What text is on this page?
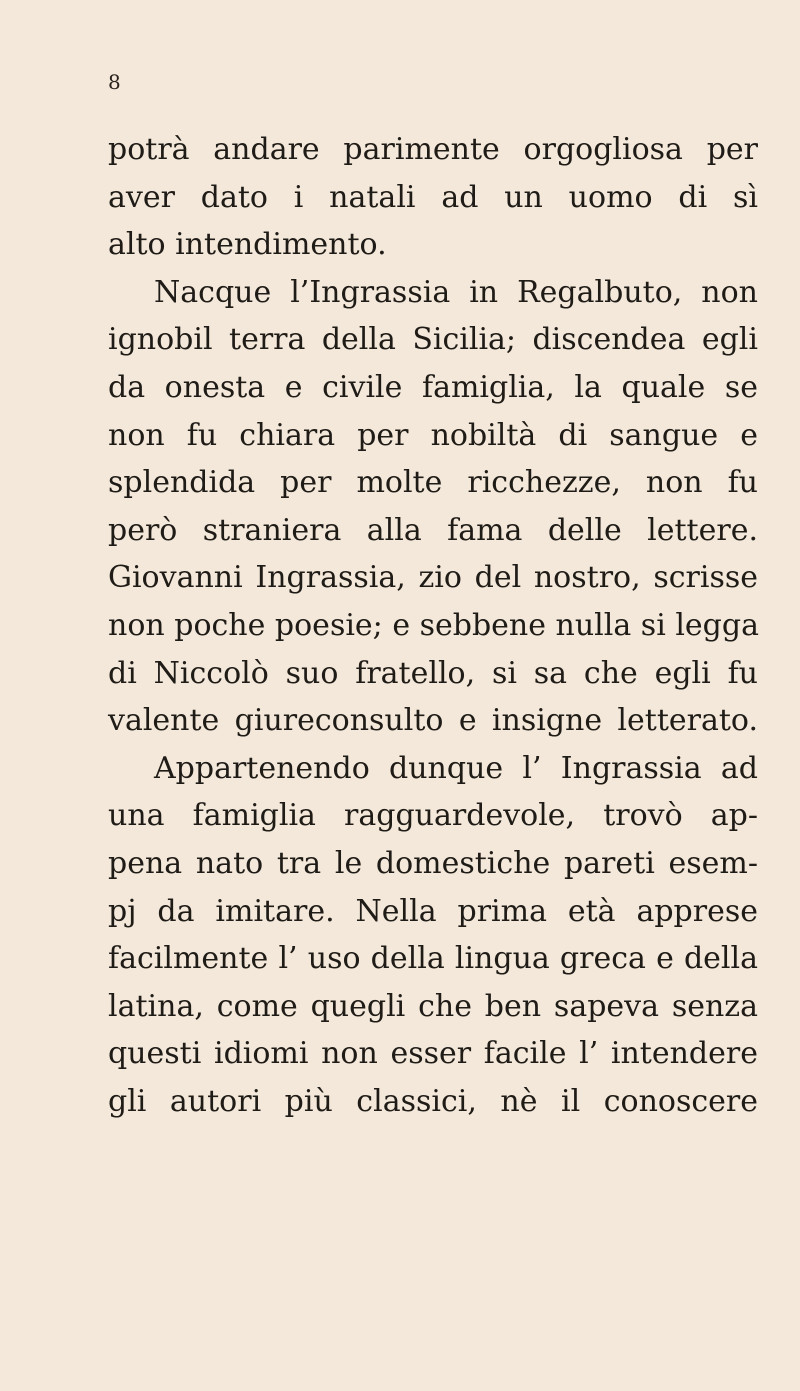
8
potrà andare parimente orgogliosa per
aver dato i natali ad un uomo di sì
alto intendimento.
Nacque l’Ingrassia in Regalbuto, non
ignobil terra della Sicilia; discendea egli
da onesta e civile famiglia, la quale se
non fu chiara per nobiltà di sangue e
splendida per molte ricchezze, non fu
però straniera alla fama delle lettere.
Giovanni Ingrassia, zio del nostro, scrisse
non poche poesie; e sebbene nulla si legga
di Niccolò suo fratello, si sa che egli fu
valente giureconsulto e insigne letterato.
Appartenendo dunque l’ Ingrassia ad
una famiglia ragguardevole, trovò ap-
pena nato tra le domestiche pareti esem-
pj da imitare. Nella prima età apprese
facilmente l’ uso della lingua greca e della
latina, come quegli che ben sapeva senza
questi idiomi non esser facile l’ intendere
gli autori più classici, nè il conoscere
